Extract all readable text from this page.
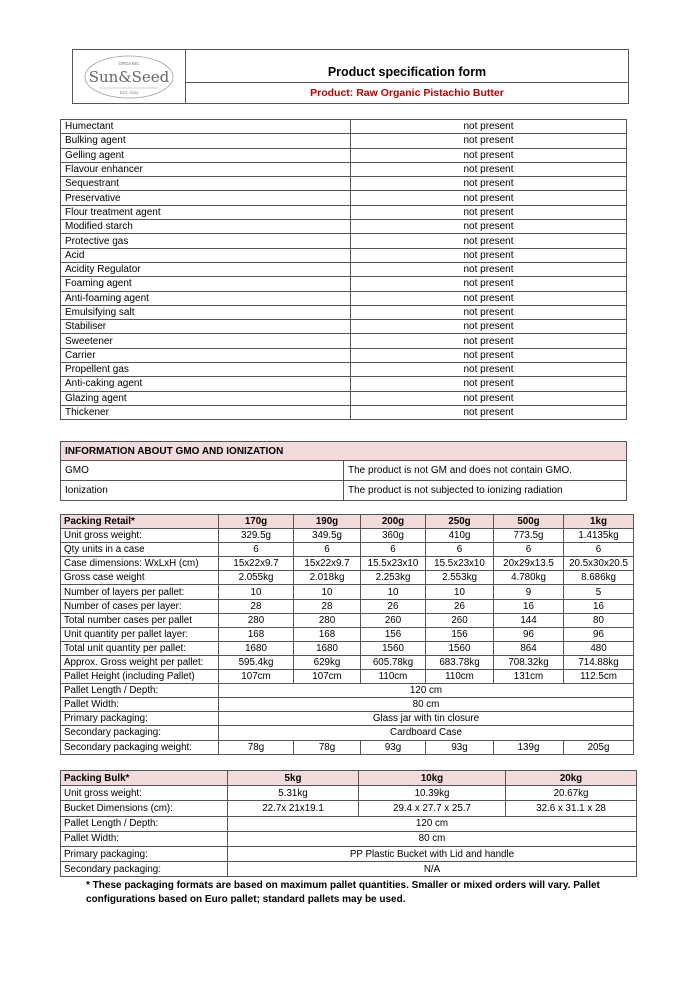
ORGANIC
Sun&Seed
EST. 2004
Product specification form
Product: Raw Organic Pistachio Butter
Humectant	not present
Bulking agent	not present
Gelling agent	not present
Flavour enhancer	not present
Sequestrant	not present
Preservative	not present
Flour treatment agent	not present
Modified starch	not present
Protective gas	not present
Acid	not present
Acidity Regulator	not present
Foaming agent	not present
Anti-foaming agent	not present
Emulsifying salt	not present
Stabiliser	not present
Sweetener	not present
Carrier	not present
Propellent gas	not present
Anti-caking agent	not present
Glazing agent	not present
Thickener	not present
INFORMATION ABOUT GMO AND IONIZATION	
GMO	The product is not GM and does not contain GMO.
Ionization	The product is not subjected to ionizing radiation
Packing Retail*	170g	190g	200g	250g	500g	1kg
Unit gross weight:	329.5g	349.5g	360g	410g	773.5g	1.4135kg
Qty units in a case	6	6	6	6	6	6
Case dimensions: WxLxH (cm)	15x22x9.7	15x22x9.7	15.5x23x10	15.5x23x10	20x29x13.5	20.5x30x20.5
Gross case weight	2.055kg	2.018kg	2.253kg	2.553kg	4.780kg	8.686kg
Number of layers per pallet:	10	10	10	10	9	5
Number of cases per layer:	28	28	26	26	16	16
Total number cases per pallet	280	280	260	260	144	80
Unit quantity per pallet layer:	168	168	156	156	96	96
Total unit quantity per pallet:	1680	1680	1560	1560	864	480
Approx. Gross weight per pallet:	595.4kg	629kg	605.78kg	683.78kg	708.32kg	714.88kg
Pallet Height (including Pallet)	107cm	107cm	110cm	110cm	131cm	112.5cm
Pallet Length / Depth:	120 cm					
Pallet Width:	80 cm					
Primary packaging:	Glass jar with tin closure					
Secondary packaging:	Cardboard Case					
Secondary packaging weight:	78g	78g	93g	93g	139g	205g
Packing Bulk*	5kg	10kg	20kg
Unit gross weight:	5.31kg	10.39kg	20.67kg
Bucket Dimensions (cm):	22.7x 21x19.1	29.4 x 27.7 x 25.7	32.6 x 31.1 x 28
Pallet Length / Depth:	120 cm		
Pallet Width:	80 cm		
Primary packaging:	PP Plastic Bucket with Lid and handle		
Secondary packaging:	N/A		
* These packaging formats are based on maximum pallet quantities. Smaller or mixed orders will vary. Pallet configurations based on Euro pallet; standard pallets may be used.
